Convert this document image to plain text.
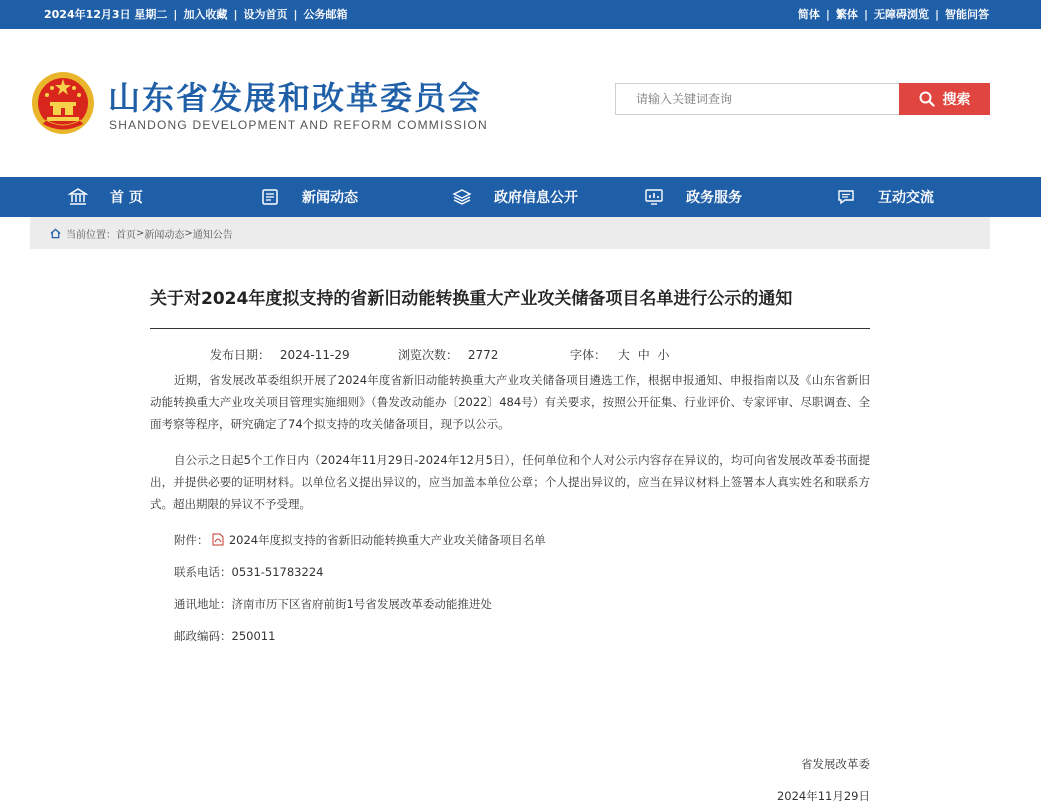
2024年12月3日 星期二 | 加入收藏 | 设为首页 | 公务邮箱	简体 | 繁体 | 无障碍浏览 | 智能问答
山东省发展和改革委员会
SHANDONG DEVELOPMENT AND REFORM COMMISSION
请输入关键词查询
搜索
首 页	新闻动态	政府信息公开	政务服务	互动交流
当前位置： 首页 > 新闻动态 > 通知公告
关于对2024年度拟支持的省新旧动能转换重大产业攻关储备项目名单进行公示的通知
发布日期： 2024-11-29	浏览次数： 2772	字体： 大 中 小
近期，省发展改革委组织开展了2024年度省新旧动能转换重大产业攻关储备项目遴选工作，根据申报通知、申报指南以及《山东省新旧动能转换重大产业攻关项目管理实施细则》（鲁发改动能办〔2022〕484号）有关要求，按照公开征集、行业评价、专家评审、尽职调查、全面考察等程序，研究确定了74个拟支持的攻关储备项目，现予以公示。
自公示之日起5个工作日内（2024年11月29日-2024年12月5日），任何单位和个人对公示内容存在异议的，均可向省发展改革委书面提出，并提供必要的证明材料。以单位名义提出异议的，应当加盖本单位公章；个人提出异议的，应当在异议材料上签署本人真实姓名和联系方式。超出期限的异议不予受理。
附件： 2024年度拟支持的省新旧动能转换重大产业攻关储备项目名单
联系电话：0531-51783224
通讯地址：济南市历下区省府前街1号省发展改革委动能推进处
邮政编码：250011
省发展改革委
2024年11月29日
